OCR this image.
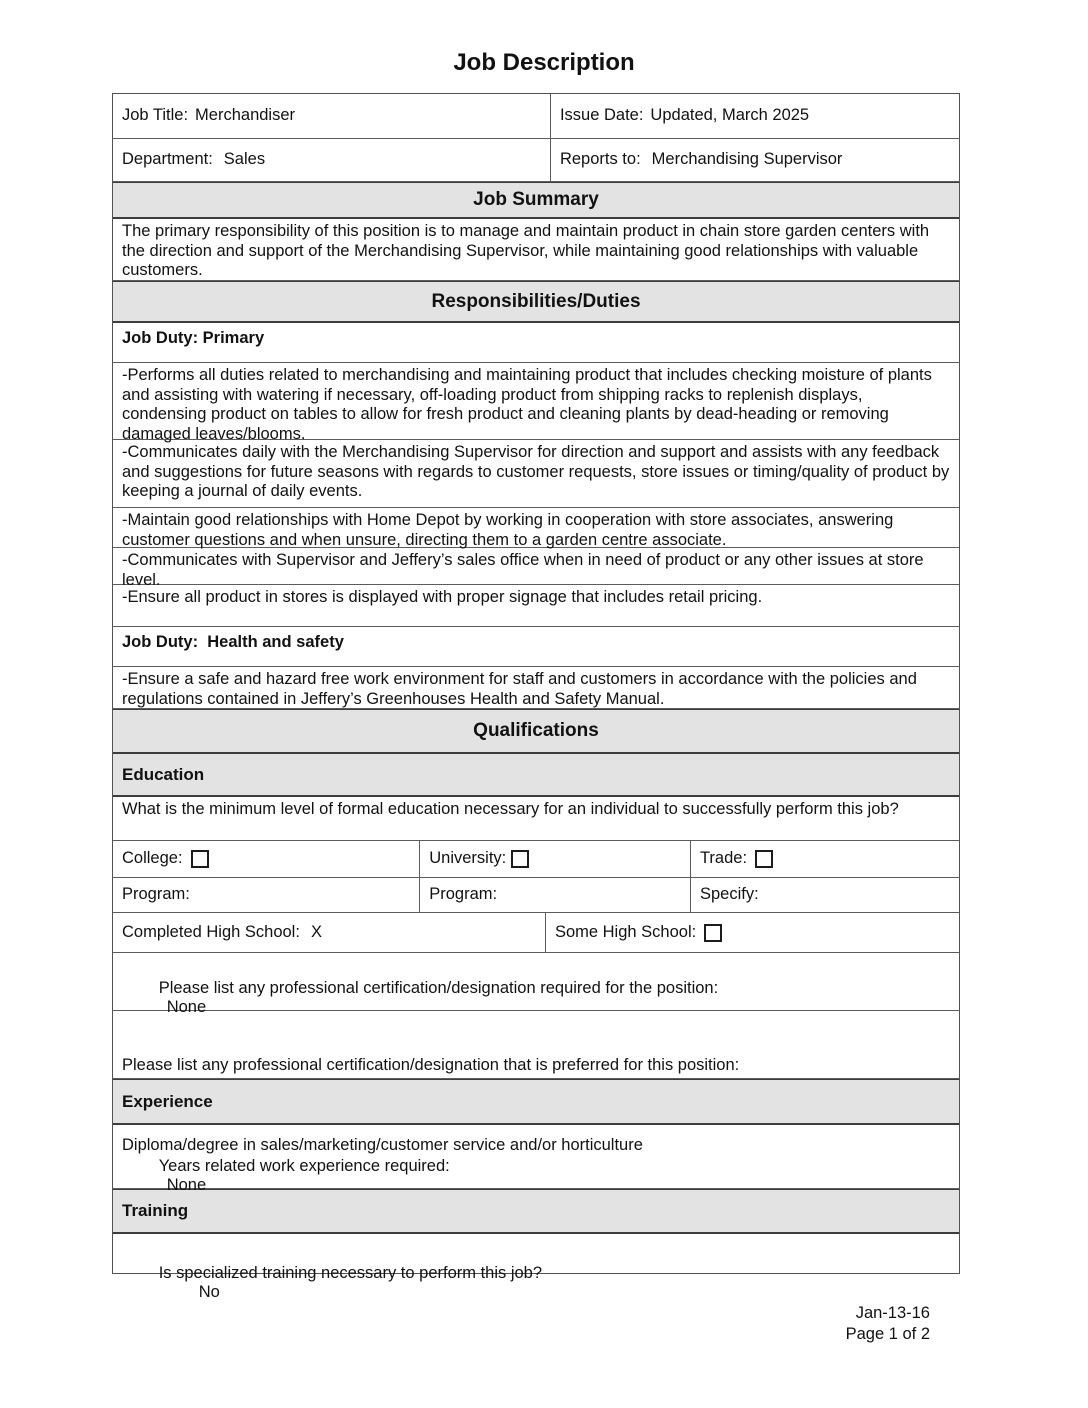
Job Description
Job Title: Merchandiser	Issue Date: Updated, March 2025
Department: Sales	Reports to: Merchandising Supervisor
Job Summary
The primary responsibility of this position is to manage and maintain product in chain store garden centers with the direction and support of the Merchandising Supervisor, while maintaining good relationships with valuable customers.
Responsibilities/Duties
Job Duty: Primary
-Performs all duties related to merchandising and maintaining product that includes checking moisture of plants and assisting with watering if necessary, off-loading product from shipping racks to replenish displays, condensing product on tables to allow for fresh product and cleaning plants by dead-heading or removing damaged leaves/blooms.
-Communicates daily with the Merchandising Supervisor for direction and support and assists with any feedback and suggestions for future seasons with regards to customer requests, store issues or timing/quality of product by keeping a journal of daily events.
-Maintain good relationships with Home Depot by working in cooperation with store associates, answering customer questions and when unsure, directing them to a garden centre associate.
-Communicates with Supervisor and Jeffery’s sales office when in need of product or any other issues at store level.
-Ensure all product in stores is displayed with proper signage that includes retail pricing.
Job Duty:  Health and safety
-Ensure a safe and hazard free work environment for staff and customers in accordance with the policies and regulations contained in Jeffery’s Greenhouses Health and Safety Manual.
Qualifications
Education
What is the minimum level of formal education necessary for an individual to successfully perform this job?
College:	University:	Trade:
Program:	Program:	Specify:
Completed High School: X	Some High School:

Please list any professional certification/designation required for the position:
None

Please list any professional certification/designation that is preferred for this position:

Diploma/degree in sales/marketing/customer service and/or horticulture

Experience

Years related work experience required:
None

Training

Is specialized training necessary to perform this job?
No

Jan-13-16
Page 1 of 2
